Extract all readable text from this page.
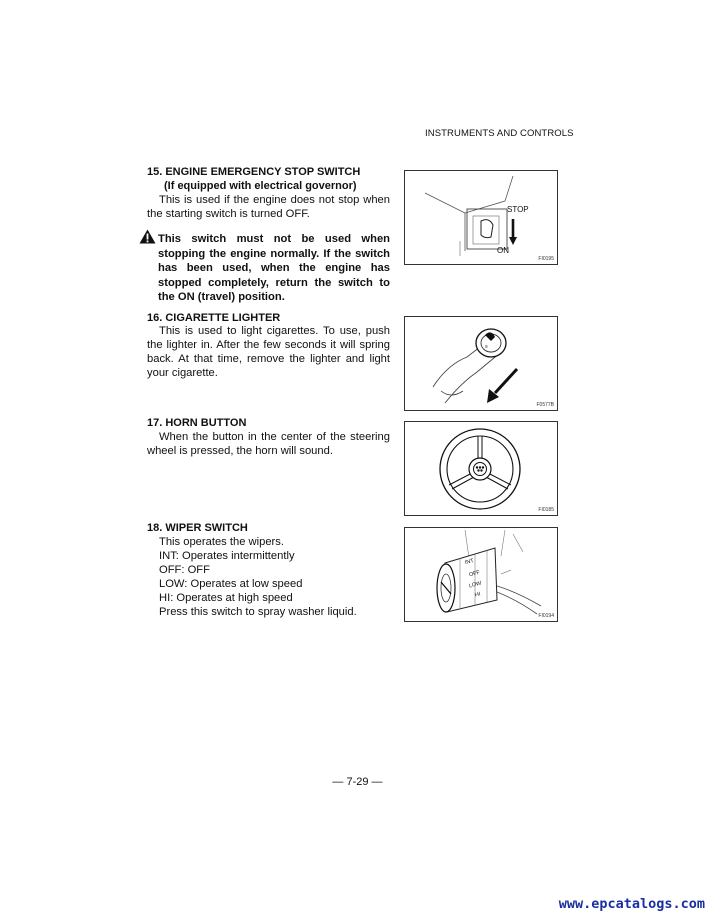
INSTRUMENTS AND CONTROLS
15. ENGINE EMERGENCY STOP SWITCH
(If equipped with electrical governor)
This is used if the engine does not stop when the starting switch is turned OFF.
This switch must not be used when stopping the engine normally. If the switch has been used, when the engine has stopped completely, return the switch to the ON (travel) position.
STOP
ON
FI0195
16. CIGARETTE LIGHTER
This is used to light cigarettes. To use, push the lighter in. After the few seconds it will spring back. At that time, remove the lighter and light your cigarette.
≡
F0577B
17. HORN BUTTON
When the button in the center of the steering wheel is pressed, the horn will sound.
FI0185
18. WIPER SWITCH
This operates the wipers.
INT: Operates intermittently
OFF: OFF
LOW: Operates at low speed
HI: Operates at high speed
Press this switch to spray washer liquid.
INT
OFF
LOW
HI
FI0194
— 7-29 —
www.epcatalogs.com
